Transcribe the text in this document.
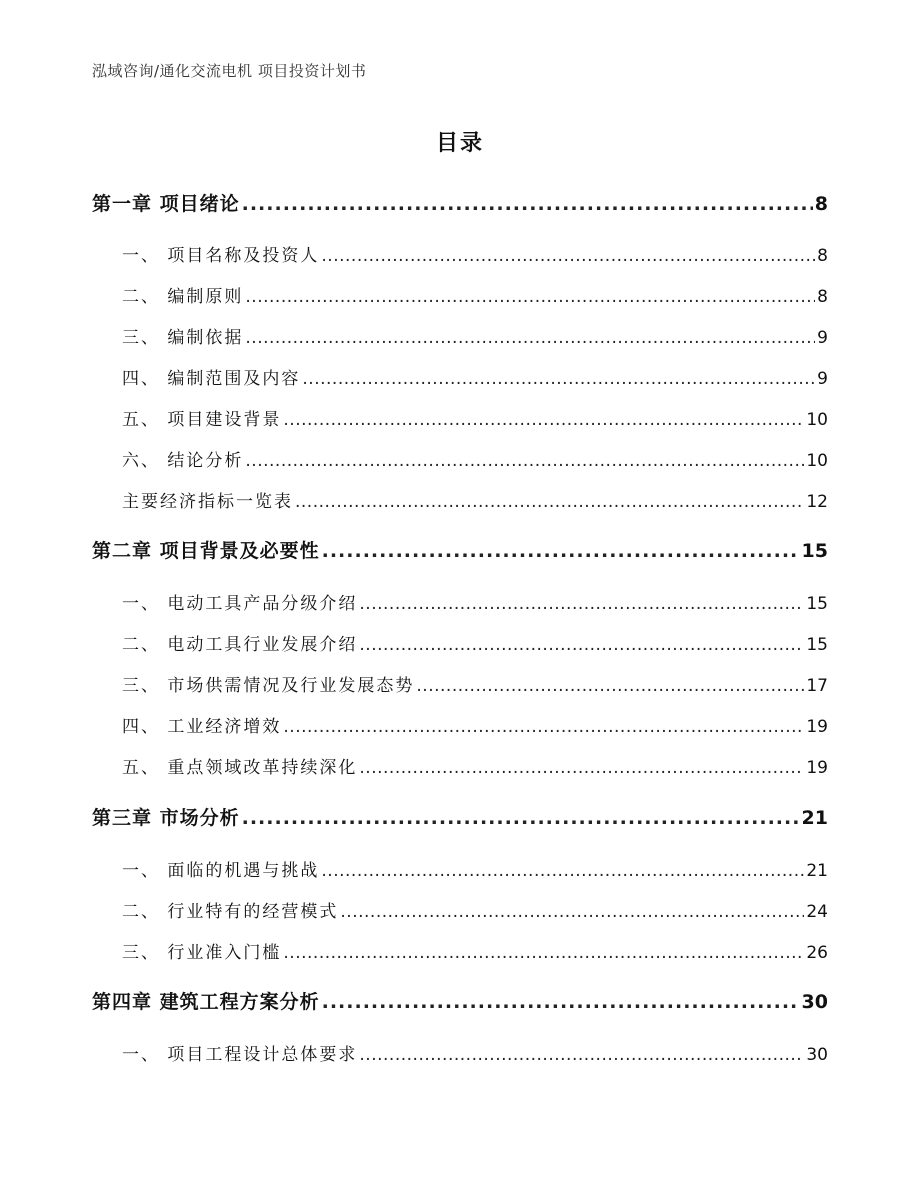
泓域咨询/通化交流电机 项目投资计划书
目录
第一章 项目绪论 .....	8
一、 项目名称及投资人 .....	8
二、 编制原则 .....	8
三、 编制依据 .....	9
四、 编制范围及内容 .....	9
五、 项目建设背景 .....	10
六、 结论分析 .....	10
主要经济指标一览表 .....	12
第二章 项目背景及必要性 .....	15
一、 电动工具产品分级介绍 .....	15
二、 电动工具行业发展介绍 .....	15
三、 市场供需情况及行业发展态势 .....	17
四、 工业经济增效 .....	19
五、 重点领域改革持续深化 .....	19
第三章 市场分析 .....	21
一、 面临的机遇与挑战 .....	21
二、 行业特有的经营模式 .....	24
三、 行业准入门槛 .....	26
第四章 建筑工程方案分析 .....	30
一、 项目工程设计总体要求 .....	30
